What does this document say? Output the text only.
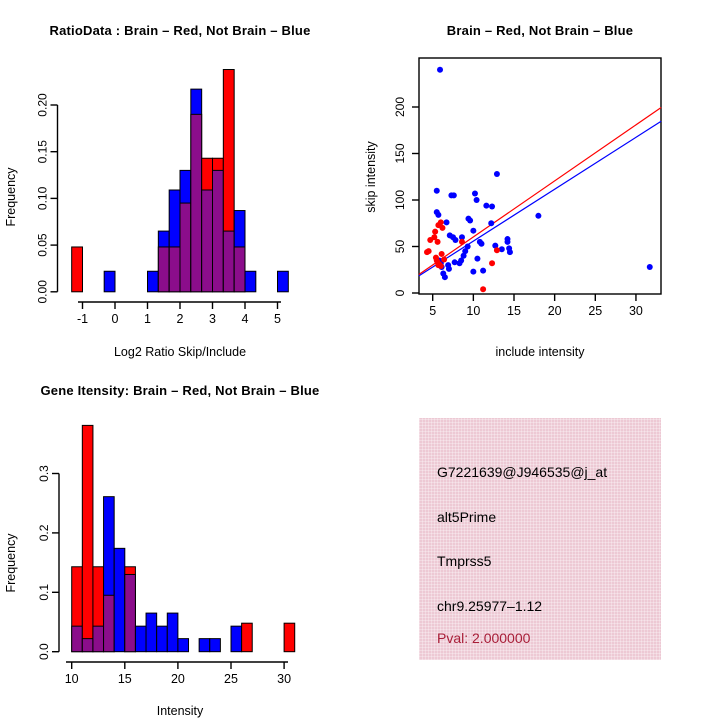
0.00
0.05
0.10
0.15
0.20
-1 0 1 2 3 4 5
RatioData : Brain – Red, Not Brain – Blue
Log2 Ratio Skip/Include
Frequency
5 10 15 20 25 30
0
50
100
150
200
Brain – Red, Not Brain – Blue
include intensity
skip intensity
0.0
0.1
0.2
0.3
10	15	20	25	30
Gene Itensity: Brain – Red, Not Brain – Blue
Intensity
Frequency
G7221639@J946535@j_at
alt5Prime
Tmprss5
chr9.25977–1.12
Pval: 2.000000
